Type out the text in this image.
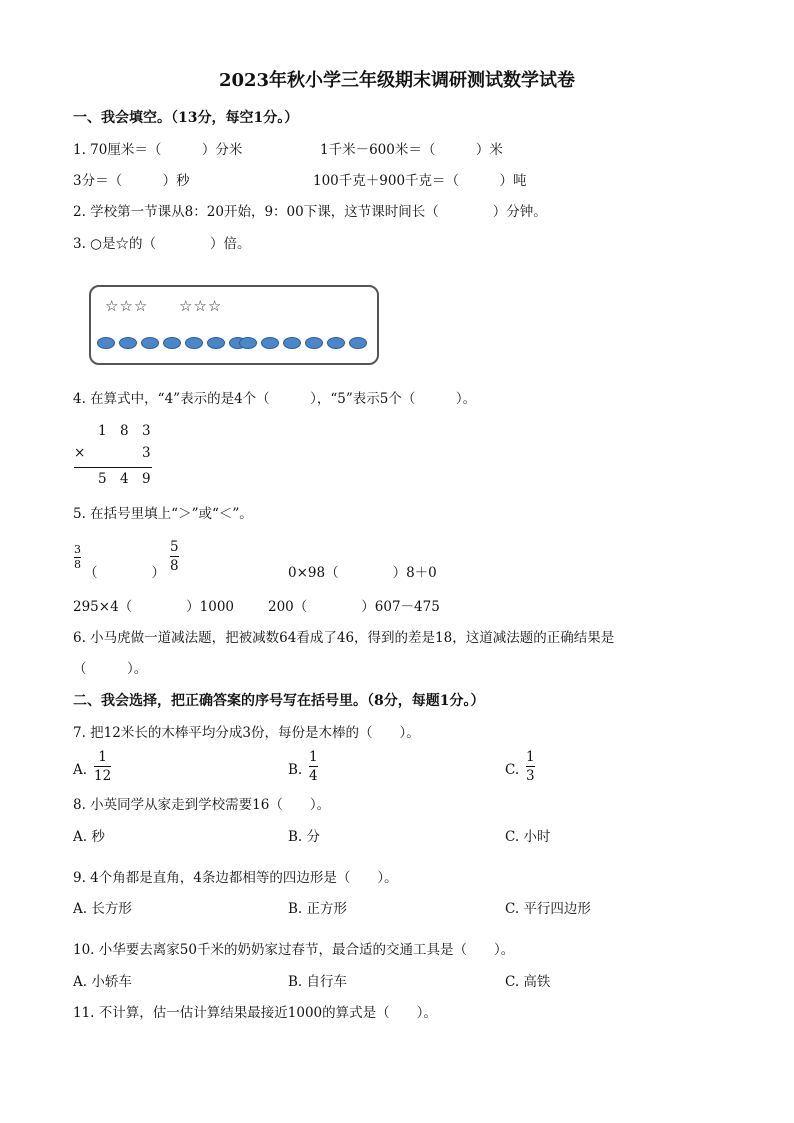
2023年秋小学三年级期末调研测试数学试卷
一、我会填空。（13分，每空1分。）
1. 70厘米＝（　　　）分米	1千米－600米＝（　　　）米
3分＝（　　　）秒	100千克＋900千克＝（　　　）吨
2. 学校第一节课从8：20开始，9：00下课，这节课时间长（　　　　）分钟。
3. ○是☆的（　　　　）倍。
☆☆☆ ☆☆☆
4. 在算式中，“4”表示的是4个（　　　），“5”表示5个（　　　）。
1 8 3
×	3
5 4 9
5. 在括号里填上“＞”或“＜”。
3
8
（　　　　）
5
8	0×98（　　　　）8＋0
295×4（　　　　）1000	200（　　　　）607－475
6. 小马虎做一道减法题，把被减数64看成了46，得到的差是18，这道减法题的正确结果是
（　　　）。
二、我会选择，把正确答案的序号写在括号里。（8分，每题1分。）
7. 把12米长的木棒平均分成3份，每份是木棒的（　　）。
A.
1
12	B.
1
4	C.
1
3
8. 小英同学从家走到学校需要16（　　）。
A. 秒	B. 分	C. 小时
9. 4个角都是直角，4条边都相等的四边形是（　　）。
A. 长方形	B. 正方形	C. 平行四边形
10. 小华要去离家50千米的奶奶家过春节，最合适的交通工具是（　　）。
A. 小轿车	B. 自行车	C. 高铁
11. 不计算，估一估计算结果最接近1000的算式是（　　）。
